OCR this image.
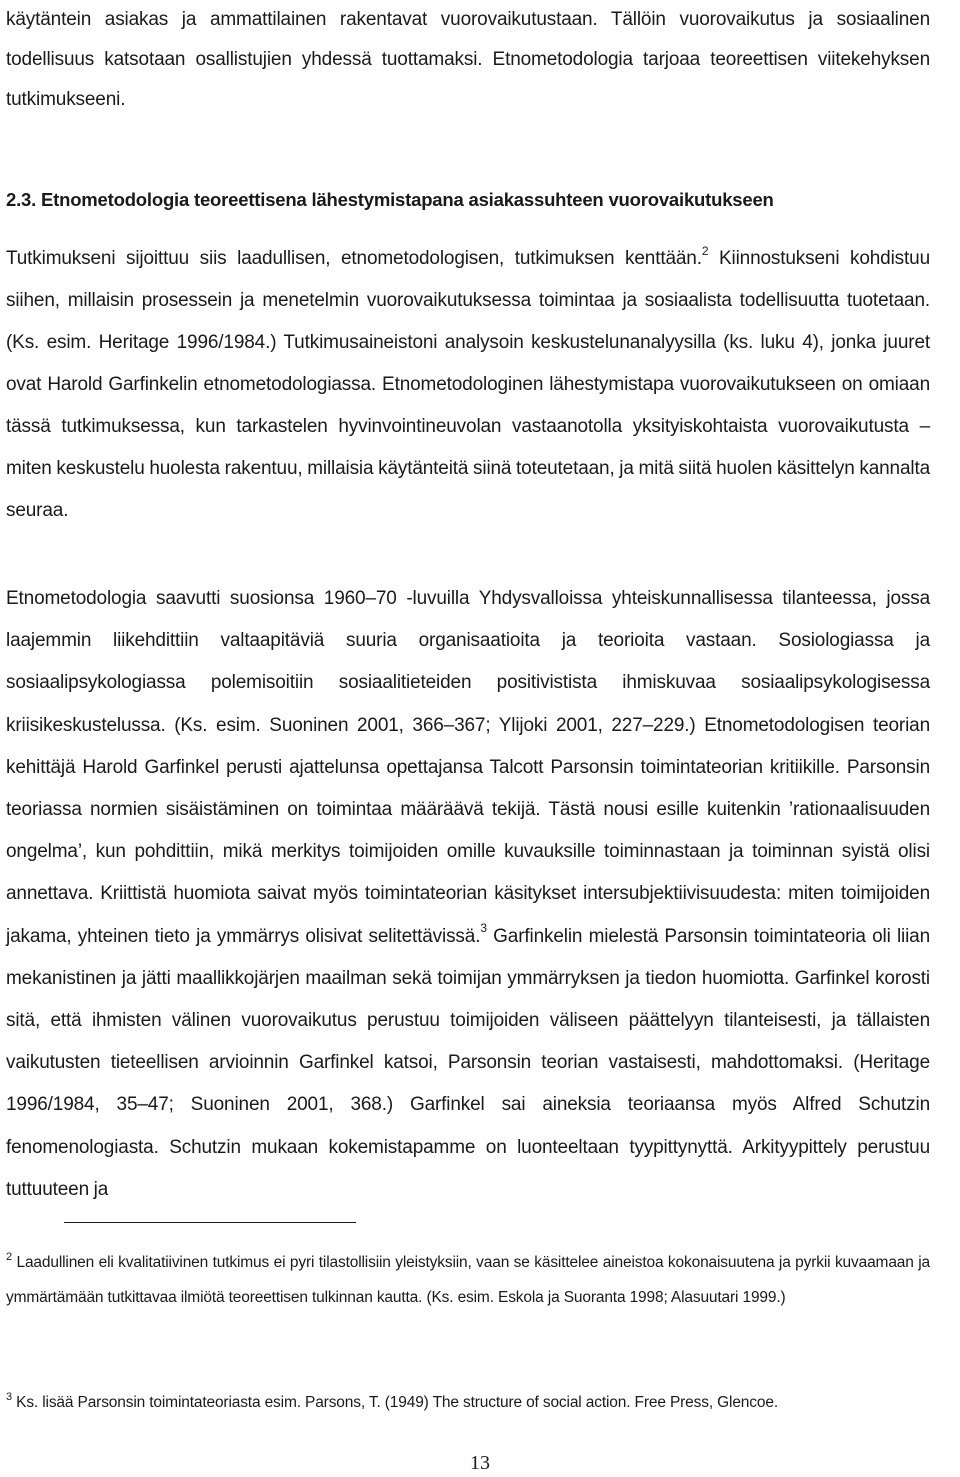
käytäntein asiakas ja ammattilainen rakentavat vuorovaikutustaan. Tällöin vuorovaikutus ja sosiaalinen todellisuus katsotaan osallistujien yhdessä tuottamaksi. Etnometodologia tarjoaa teoreettisen viitekehyksen tutkimukseeni.

2.3. Etnometodologia teoreettisena lähestymistapana asiakassuhteen vuorovaikutukseen

Tutkimukseni sijoittuu siis laadullisen, etnometodologisen, tutkimuksen kenttään.$^2$ Kiinnostukseni kohdistuu siihen, millaisin prosessein ja menetelmin vuorovaikutuksessa toimintaa ja sosiaalista todellisuutta tuotetaan. (Ks. esim. Heritage 1996/1984.) Tutkimusaineistoni analysoin keskustelunanalyysilla (ks. luku 4), jonka juuret ovat Harold Garfinkelin etnometodologiassa. Etnometodologinen lähestymistapa vuorovaikutukseen on omiaan tässä tutkimuksessa, kun tarkastelen hyvinvointineuvolan vastaanotolla yksityiskohtaista vuorovaikutusta – miten keskustelu huolesta rakentuu, millaisia käytänteitä siinä toteutetaan, ja mitä siitä huolen käsittelyn kannalta seuraa.

Etnometodologia saavutti suosionsa 1960–70 -luvuilla Yhdysvalloissa yhteiskunnallisessa tilanteessa, jossa laajemmin liikehdittiin valtaapitäviä suuria organisaatioita ja teorioita vastaan. Sosiologiassa ja sosiaalipsykologiassa polemisoitiin sosiaalitieteiden positivistista ihmiskuvaa sosiaalipsykologisessa kriisikeskustelussa. (Ks. esim. Suoninen 2001, 366–367; Ylijoki 2001, 227–229.) Etnometodologisen teorian kehittäjä Harold Garfinkel perusti ajattelunsa opettajansa Talcott Parsonsin toimintateorian kritiikille. Parsonsin teoriassa normien sisäistäminen on toimintaa määräävä tekijä. Tästä nousi esille kuitenkin ’rationaalisuuden ongelma’, kun pohdittiin, mikä merkitys toimijoiden omille kuvauksille toiminnastaan ja toiminnan syistä olisi annettava. Kriittistä huomiota saivat myös toimintateorian käsitykset intersubjektiivisuudesta: miten toimijoiden jakama, yhteinen tieto ja ymmärrys olisivat selitettävissä.$^3$ Garfinkelin mielestä Parsonsin toimintateoria oli liian mekanistinen ja jätti maallikkojärjen maailman sekä toimijan ymmärryksen ja tiedon huomiotta. Garfinkel korosti sitä, että ihmisten välinen vuorovaikutus perustuu toimijoiden väliseen päättelyyn tilanteisesti, ja tällaisten vaikutusten tieteellisen arvioinnin Garfinkel katsoi, Parsonsin teorian vastaisesti, mahdottomaksi. (Heritage 1996/1984, 35–47; Suoninen 2001, 368.) Garfinkel sai aineksia teoriaansa myös Alfred Schutzin fenomenologiasta. Schutzin mukaan kokemistapamme on luonteeltaan tyypittynyttä. Arkityypittely perustuu tuttuuteen ja

$^2$ Laadullinen eli kvalitatiivinen tutkimus ei pyri tilastollisiin yleistyksiin, vaan se käsittelee aineistoa kokonaisuutena ja pyrkii kuvaamaan ja ymmärtämään tutkittavaa ilmiötä teoreettisen tulkinnan kautta. (Ks. esim. Eskola ja Suoranta 1998; Alasuutari 1999.)

$^3$ Ks. lisää Parsonsin toimintateoriasta esim. Parsons, T. (1949) The structure of social action. Free Press, Glencoe.

13
